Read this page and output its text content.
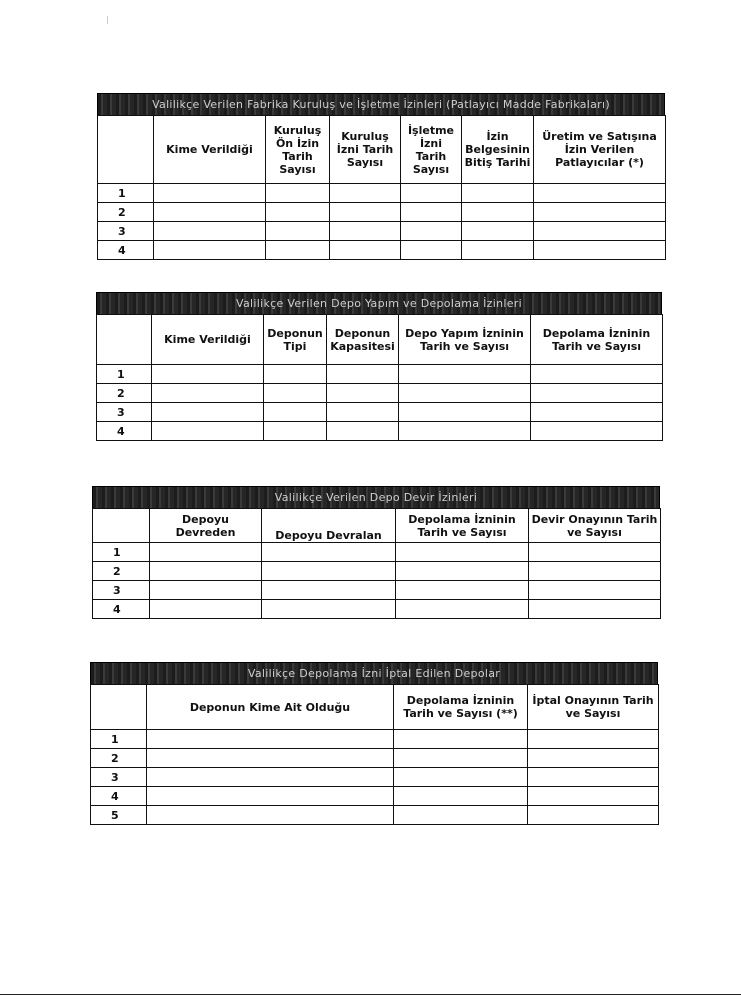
Valilikçe Verilen Fabrika Kuruluş ve İşletme İzinleri (Patlayıcı Madde Fabrikaları)
	Kime Verildiği	Kuruluş Ön İzin Tarih Sayısı	Kuruluş İzni Tarih Sayısı	İşletme İzni Tarih Sayısı	İzin Belgesinin Bitiş Tarihi	Üretim ve Satışına İzin Verilen Patlayıcılar (*)
1						
2						
3						
4						
Valilikçe Verilen Depo Yapım ve Depolama İzinleri
	Kime Verildiği	Deponun Tipi	Deponun Kapasitesi	Depo Yapım İzninin Tarih ve Sayısı	Depolama İzninin Tarih ve Sayısı
1					
2					
3					
4					
Valilikçe Verilen Depo Devir İzinleri
	Depoyu Devreden	Depoyu Devralan	Depolama İzninin Tarih ve Sayısı	Devir Onayının Tarih ve Sayısı
1				
2				
3				
4				
Valilikçe Depolama İzni İptal Edilen Depolar
	Deponun Kime Ait Olduğu	Depolama İzninin Tarih ve Sayısı (**)	İptal Onayının Tarih ve Sayısı
1			
2			
3			
4			
5			
